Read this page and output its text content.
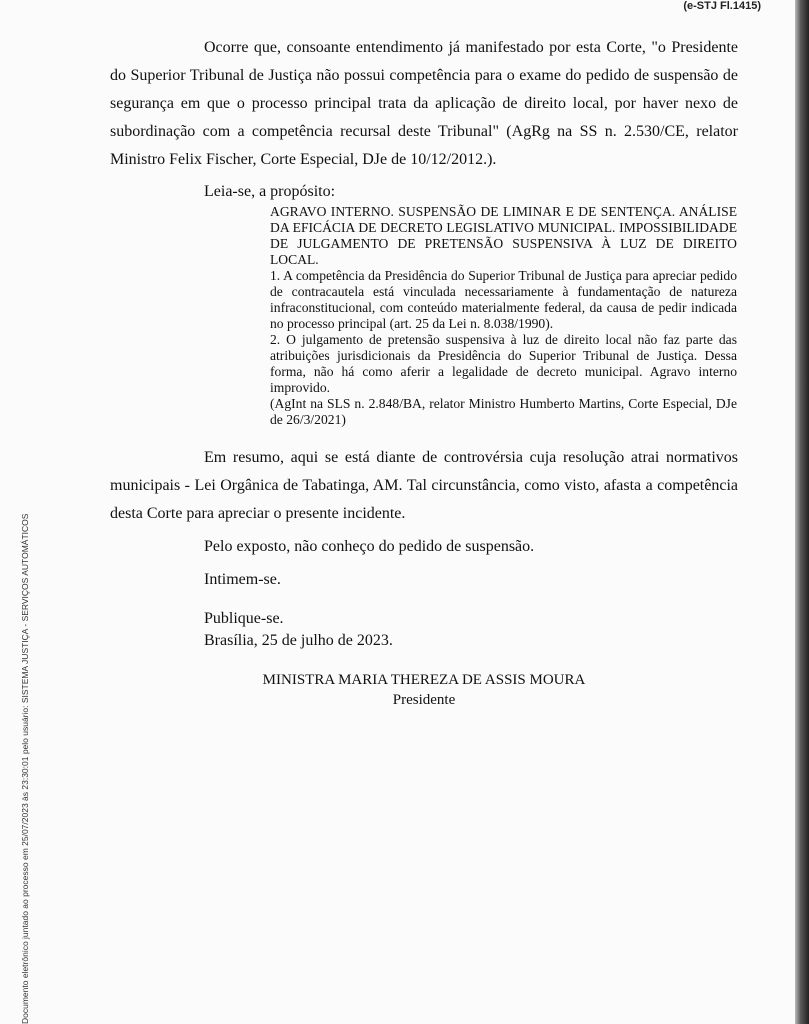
(e-STJ Fl.1415)

Ocorre que, consoante entendimento já manifestado por esta Corte, "o Presidente do Superior Tribunal de Justiça não possui competência para o exame do pedido de suspensão de segurança em que o processo principal trata da aplicação de direito local, por haver nexo de subordinação com a competência recursal deste Tribunal" (AgRg na SS n. 2.530/CE, relator Ministro Felix Fischer, Corte Especial, DJe de 10/12/2012.).

Leia-se, a propósito:

AGRAVO INTERNO. SUSPENSÃO DE LIMINAR E DE SENTENÇA. ANÁLISE DA EFICÁCIA DE DECRETO LEGISLATIVO MUNICIPAL. IMPOSSIBILIDADE DE JULGAMENTO DE PRETENSÃO SUSPENSIVA À LUZ DE DIREITO LOCAL.

1. A competência da Presidência do Superior Tribunal de Justiça para apreciar pedido de contracautela está vinculada necessariamente à fundamentação de natureza infraconstitucional, com conteúdo materialmente federal, da causa de pedir indicada no processo principal (art. 25 da Lei n. 8.038/1990).

2. O julgamento de pretensão suspensiva à luz de direito local não faz parte das atribuições jurisdicionais da Presidência do Superior Tribunal de Justiça. Dessa forma, não há como aferir a legalidade de decreto municipal. Agravo interno improvido.

(AgInt na SLS n. 2.848/BA, relator Ministro Humberto Martins, Corte Especial, DJe de 26/3/2021)

Em resumo, aqui se está diante de controvérsia cuja resolução atrai normativos municipais - Lei Orgânica de Tabatinga, AM. Tal circunstância, como visto, afasta a competência desta Corte para apreciar o presente incidente.

Pelo exposto, não conheço do pedido de suspensão.

Intimem-se.

Publique-se.

Brasília, 25 de julho de 2023.

MINISTRA MARIA THEREZA DE ASSIS MOURA

Presidente

Documento eletrônico juntado ao processo em 25/07/2023 às 23:30:01 pelo usuário: SISTEMA JUSTIÇA - SERVIÇOS AUTOMÁTICOS
